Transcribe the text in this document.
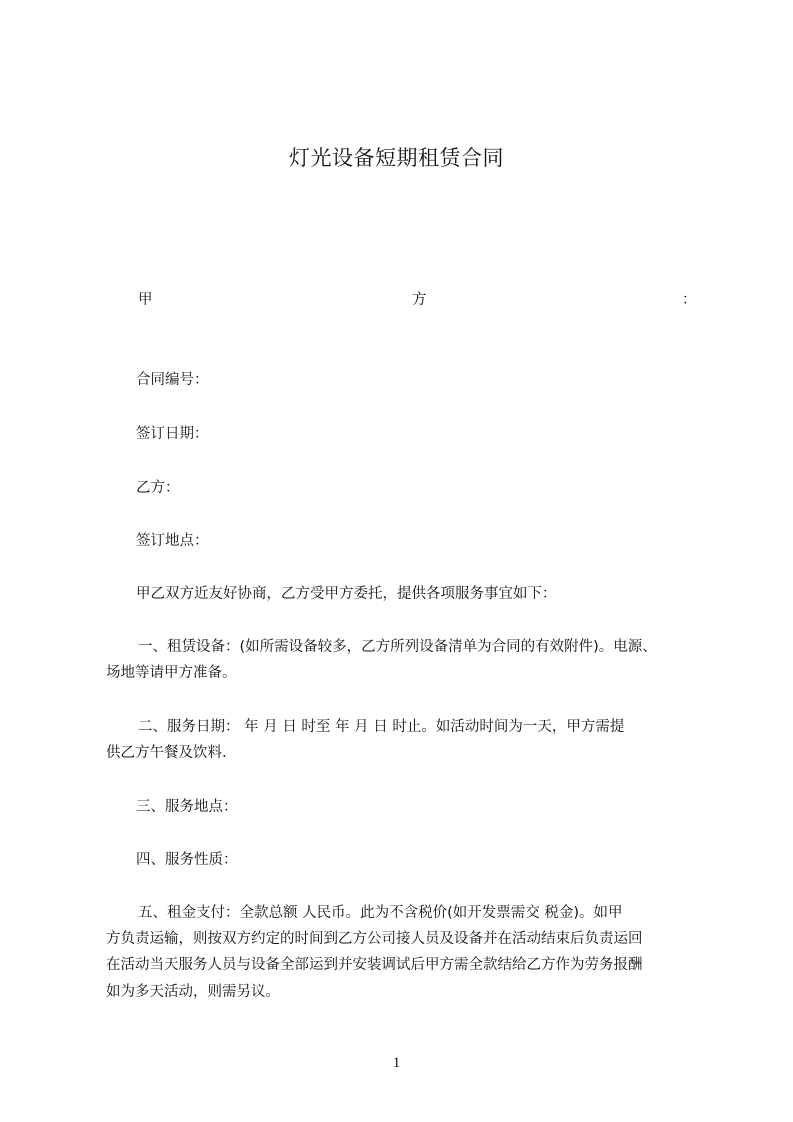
灯光设备短期租赁合同
甲	方	：
合同编号：
签订日期：
乙方：
签订地点：
甲乙双方近友好协商，乙方受甲方委托，提供各项服务事宜如下：
一、租赁设备：(如所需设备较多，乙方所列设备清单为合同的有效附件)。电源、
场地等请甲方准备。
二、服务日期： 年 月 日 时至 年 月 日 时止。如活动时间为一天，甲方需提
供乙方午餐及饮料.
三、服务地点：
四、服务性质：
五、租金支付：全款总额 人民币。此为不含税价(如开发票需交 税金)。如甲
方负责运输，则按双方约定的时间到乙方公司接人员及设备并在活动结束后负责运回
在活动当天服务人员与设备全部运到并安装调试后甲方需全款结给乙方作为劳务报酬
如为多天活动，则需另议。
1
